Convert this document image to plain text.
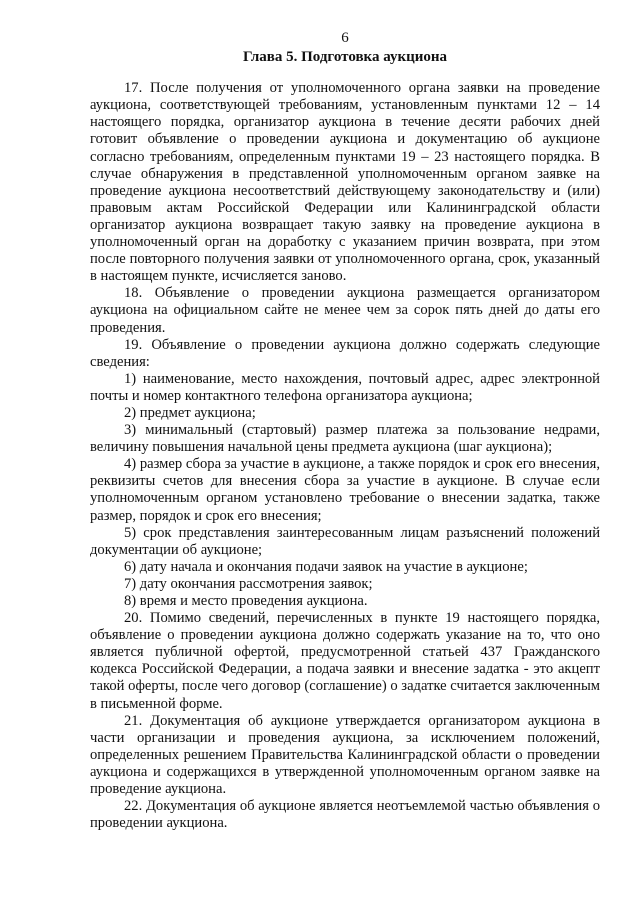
6
Глава 5. Подготовка аукциона

17. После получения от уполномоченного органа заявки на проведение аукциона, соответствующей требованиям, установленным пунктами 12 – 14 настоящего порядка, организатор аукциона в течение десяти рабочих дней готовит объявление о проведении аукциона и документацию об аукционе согласно требованиям, определенным пунктами 19 – 23 настоящего порядка. В случае обнаружения в представленной уполномоченным органом заявке на проведение аукциона несоответствий действующему законодательству и (или) правовым актам Российской Федерации или Калининградской области организатор аукциона возвращает такую заявку на проведение аукциона в уполномоченный орган на доработку с указанием причин возврата, при этом после повторного получения заявки от уполномоченного органа, срок, указанный в настоящем пункте, исчисляется заново.

18. Объявление о проведении аукциона размещается организатором аукциона на официальном сайте не менее чем за сорок пять дней до даты его проведения.

19. Объявление о проведении аукциона должно содержать следующие сведения:

1) наименование, место нахождения, почтовый адрес, адрес электронной почты и номер контактного телефона организатора аукциона;

2) предмет аукциона;

3) минимальный (стартовый) размер платежа за пользование недрами, величину повышения начальной цены предмета аукциона (шаг аукциона);

4) размер сбора за участие в аукционе, а также порядок и срок его внесения, реквизиты счетов для внесения сбора за участие в аукционе. В случае если уполномоченным органом установлено требование о внесении задатка, также размер, порядок и срок его внесения;

5) срок представления заинтересованным лицам разъяснений положений документации об аукционе;

6) дату начала и окончания подачи заявок на участие в аукционе;

7) дату окончания рассмотрения заявок;

8) время и место проведения аукциона.

20. Помимо сведений, перечисленных в пункте 19 настоящего порядка, объявление о проведении аукциона должно содержать указание на то, что оно является публичной офертой, предусмотренной статьей 437 Гражданского кодекса Российской Федерации, а подача заявки и внесение задатка - это акцепт такой оферты, после чего договор (соглашение) о задатке считается заключенным в письменной форме.

21. Документация об аукционе утверждается организатором аукциона в части организации и проведения аукциона, за исключением положений, определенных решением Правительства Калининградской области о проведении аукциона и содержащихся в утвержденной уполномоченным органом заявке на проведение аукциона.

22. Документация об аукционе является неотъемлемой частью объявления о проведении аукциона.
